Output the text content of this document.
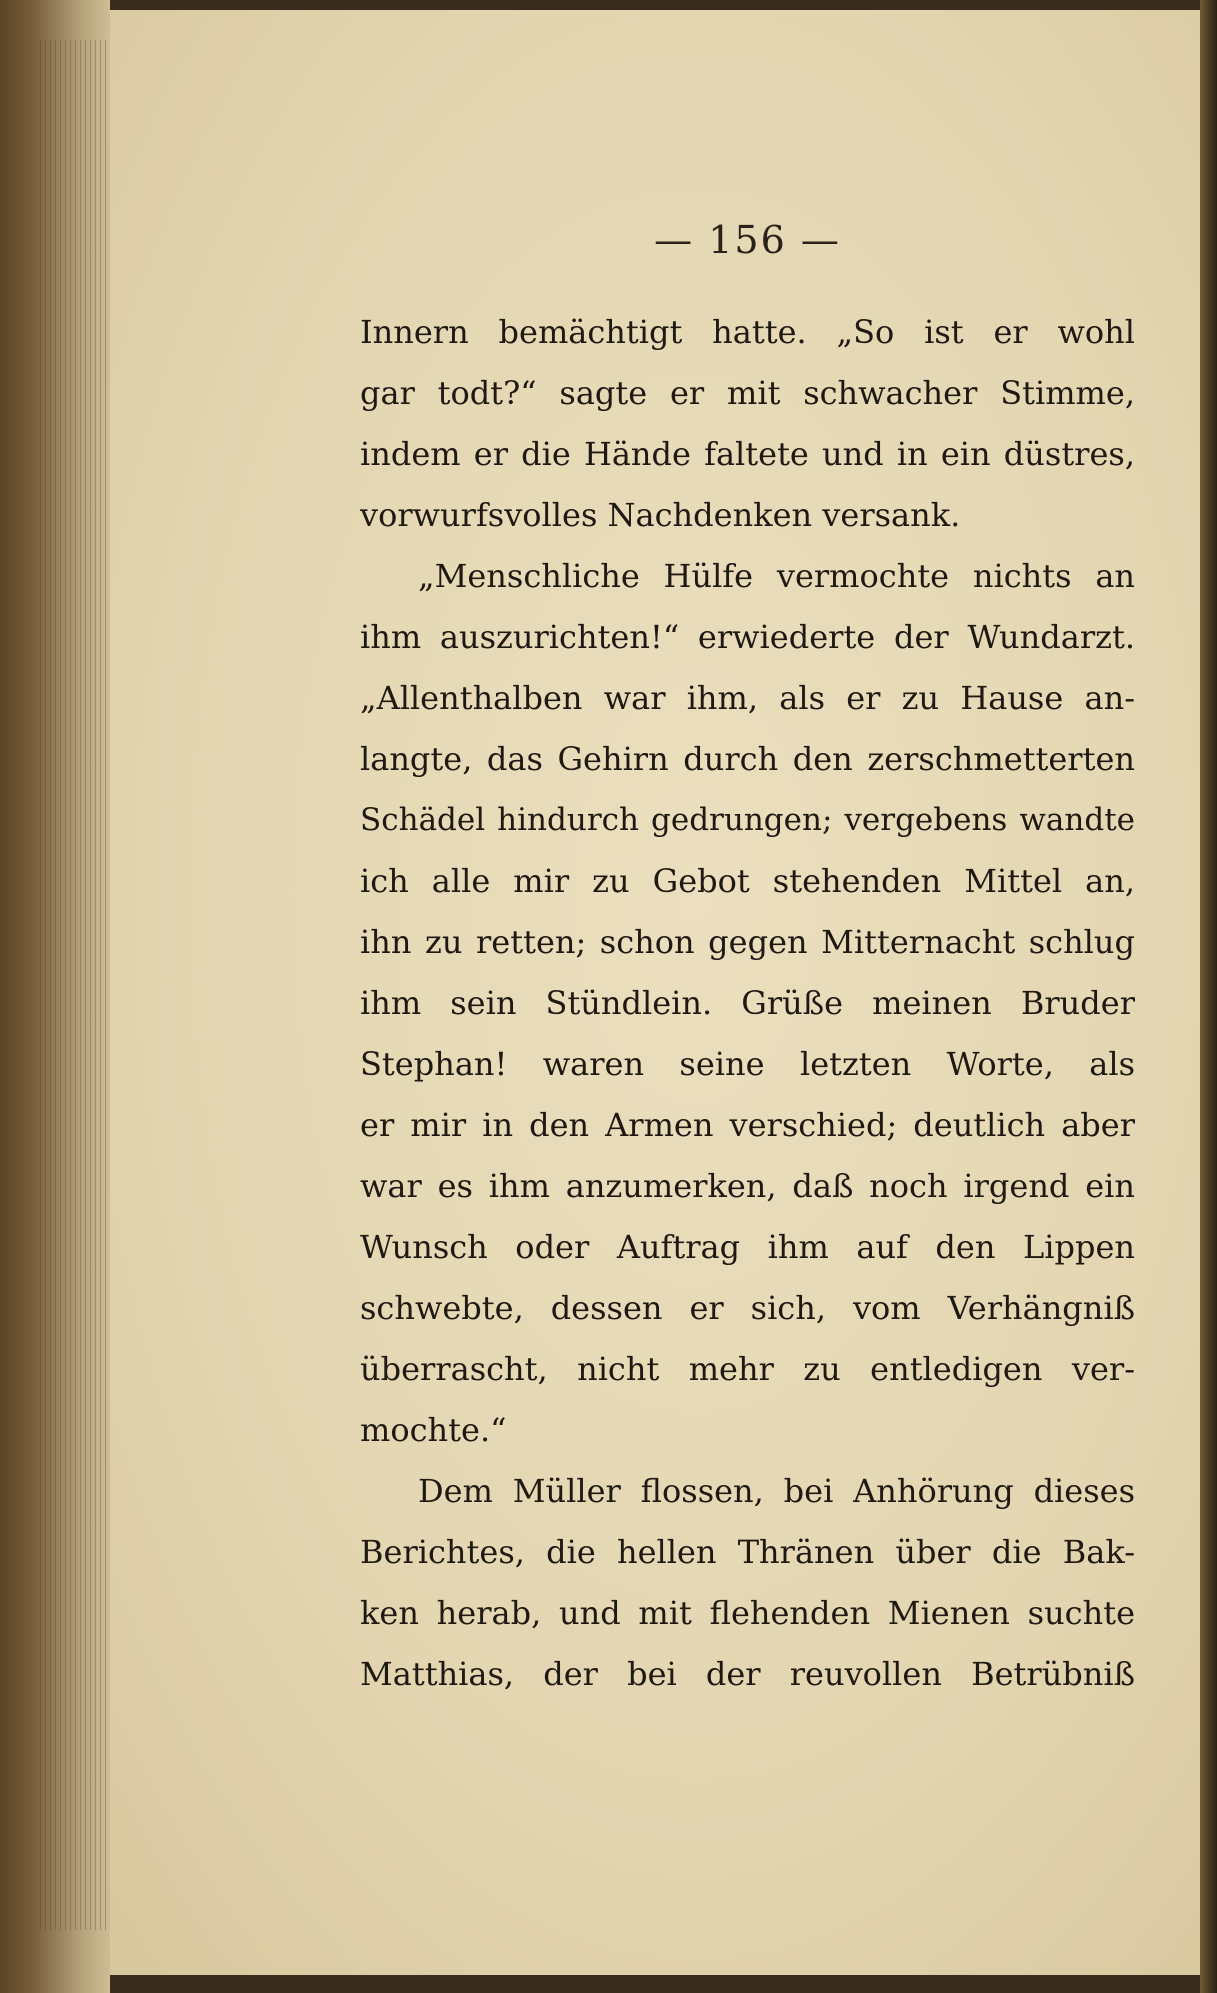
— 156 —
Innern bemächtigt hatte. „So ist er wohl
gar todt?“ sagte er mit schwacher Stimme,
indem er die Hände faltete und in ein düstres,
vorwurfsvolles Nachdenken versank.
„Menschliche Hülfe vermochte nichts an
ihm auszurichten!“ erwiederte der Wundarzt.
„Allenthalben war ihm, als er zu Hause an-
langte, das Gehirn durch den zerschmetterten
Schädel hindurch gedrungen; vergebens wandte
ich alle mir zu Gebot stehenden Mittel an,
ihn zu retten; schon gegen Mitternacht schlug
ihm sein Stündlein. Grüße meinen Bruder
Stephan! waren seine letzten Worte, als
er mir in den Armen verschied; deutlich aber
war es ihm anzumerken, daß noch irgend ein
Wunsch oder Auftrag ihm auf den Lippen
schwebte, dessen er sich, vom Verhängniß
überrascht, nicht mehr zu entledigen ver-
mochte.“
Dem Müller flossen, bei Anhörung dieses
Berichtes, die hellen Thränen über die Bak-
ken herab, und mit flehenden Mienen suchte
Matthias, der bei der reuvollen Betrübniß
